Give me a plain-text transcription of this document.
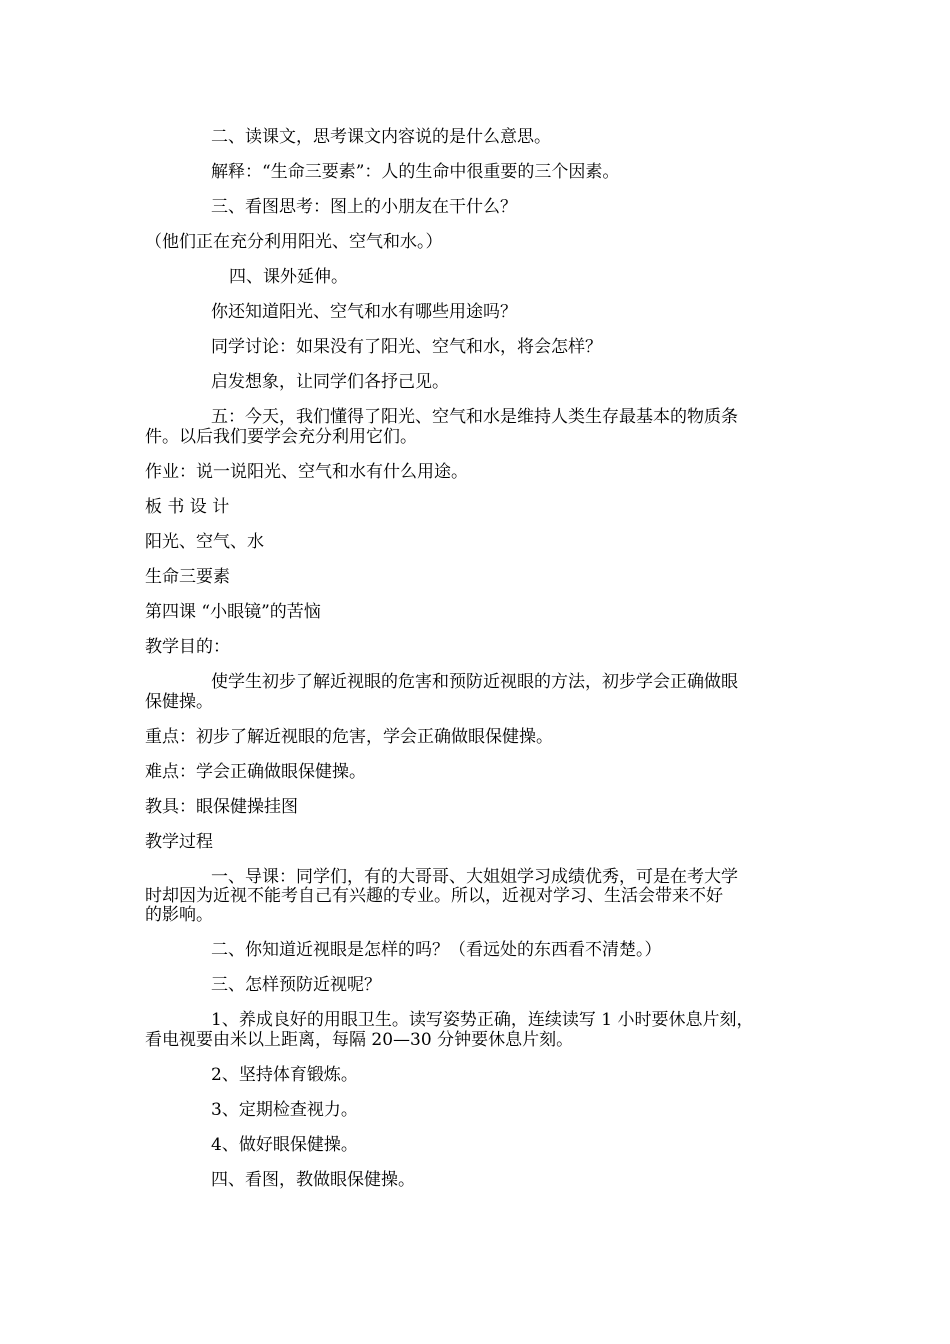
二、读课文，思考课文内容说的是什么意思。

解释：“生命三要素”：人的生命中很重要的三个因素。

三、看图思考：图上的小朋友在干什么？

（他们正在充分利用阳光、空气和水。）

四、课外延伸。

你还知道阳光、空气和水有哪些用途吗？

同学讨论：如果没有了阳光、空气和水，将会怎样？

启发想象，让同学们各抒己见。

五：今天，我们懂得了阳光、空气和水是维持人类生存最基本的物质条

件。以后我们要学会充分利用它们。

作业：说一说阳光、空气和水有什么用途。

板 书 设 计

阳光、空气、水

生命三要素

第四课 “小眼镜”的苦恼

教学目的：

使学生初步了解近视眼的危害和预防近视眼的方法，初步学会正确做眼

保健操。

重点：初步了解近视眼的危害，学会正确做眼保健操。

难点：学会正确做眼保健操。

教具：眼保健操挂图

教学过程

一、导课：同学们，有的大哥哥、大姐姐学习成绩优秀，可是在考大学

时却因为近视不能考自己有兴趣的专业。所以，近视对学习、生活会带来不好

的影响。

二、你知道近视眼是怎样的吗？（看远处的东西看不清楚。）

三、怎样预防近视呢？

1、养成良好的用眼卫生。读写姿势正确，连续读写 1 小时要休息片刻，

看电视要由米以上距离，每隔 20—30 分钟要休息片刻。

2、坚持体育锻炼。

3、定期检查视力。

4、做好眼保健操。

四、看图，教做眼保健操。
